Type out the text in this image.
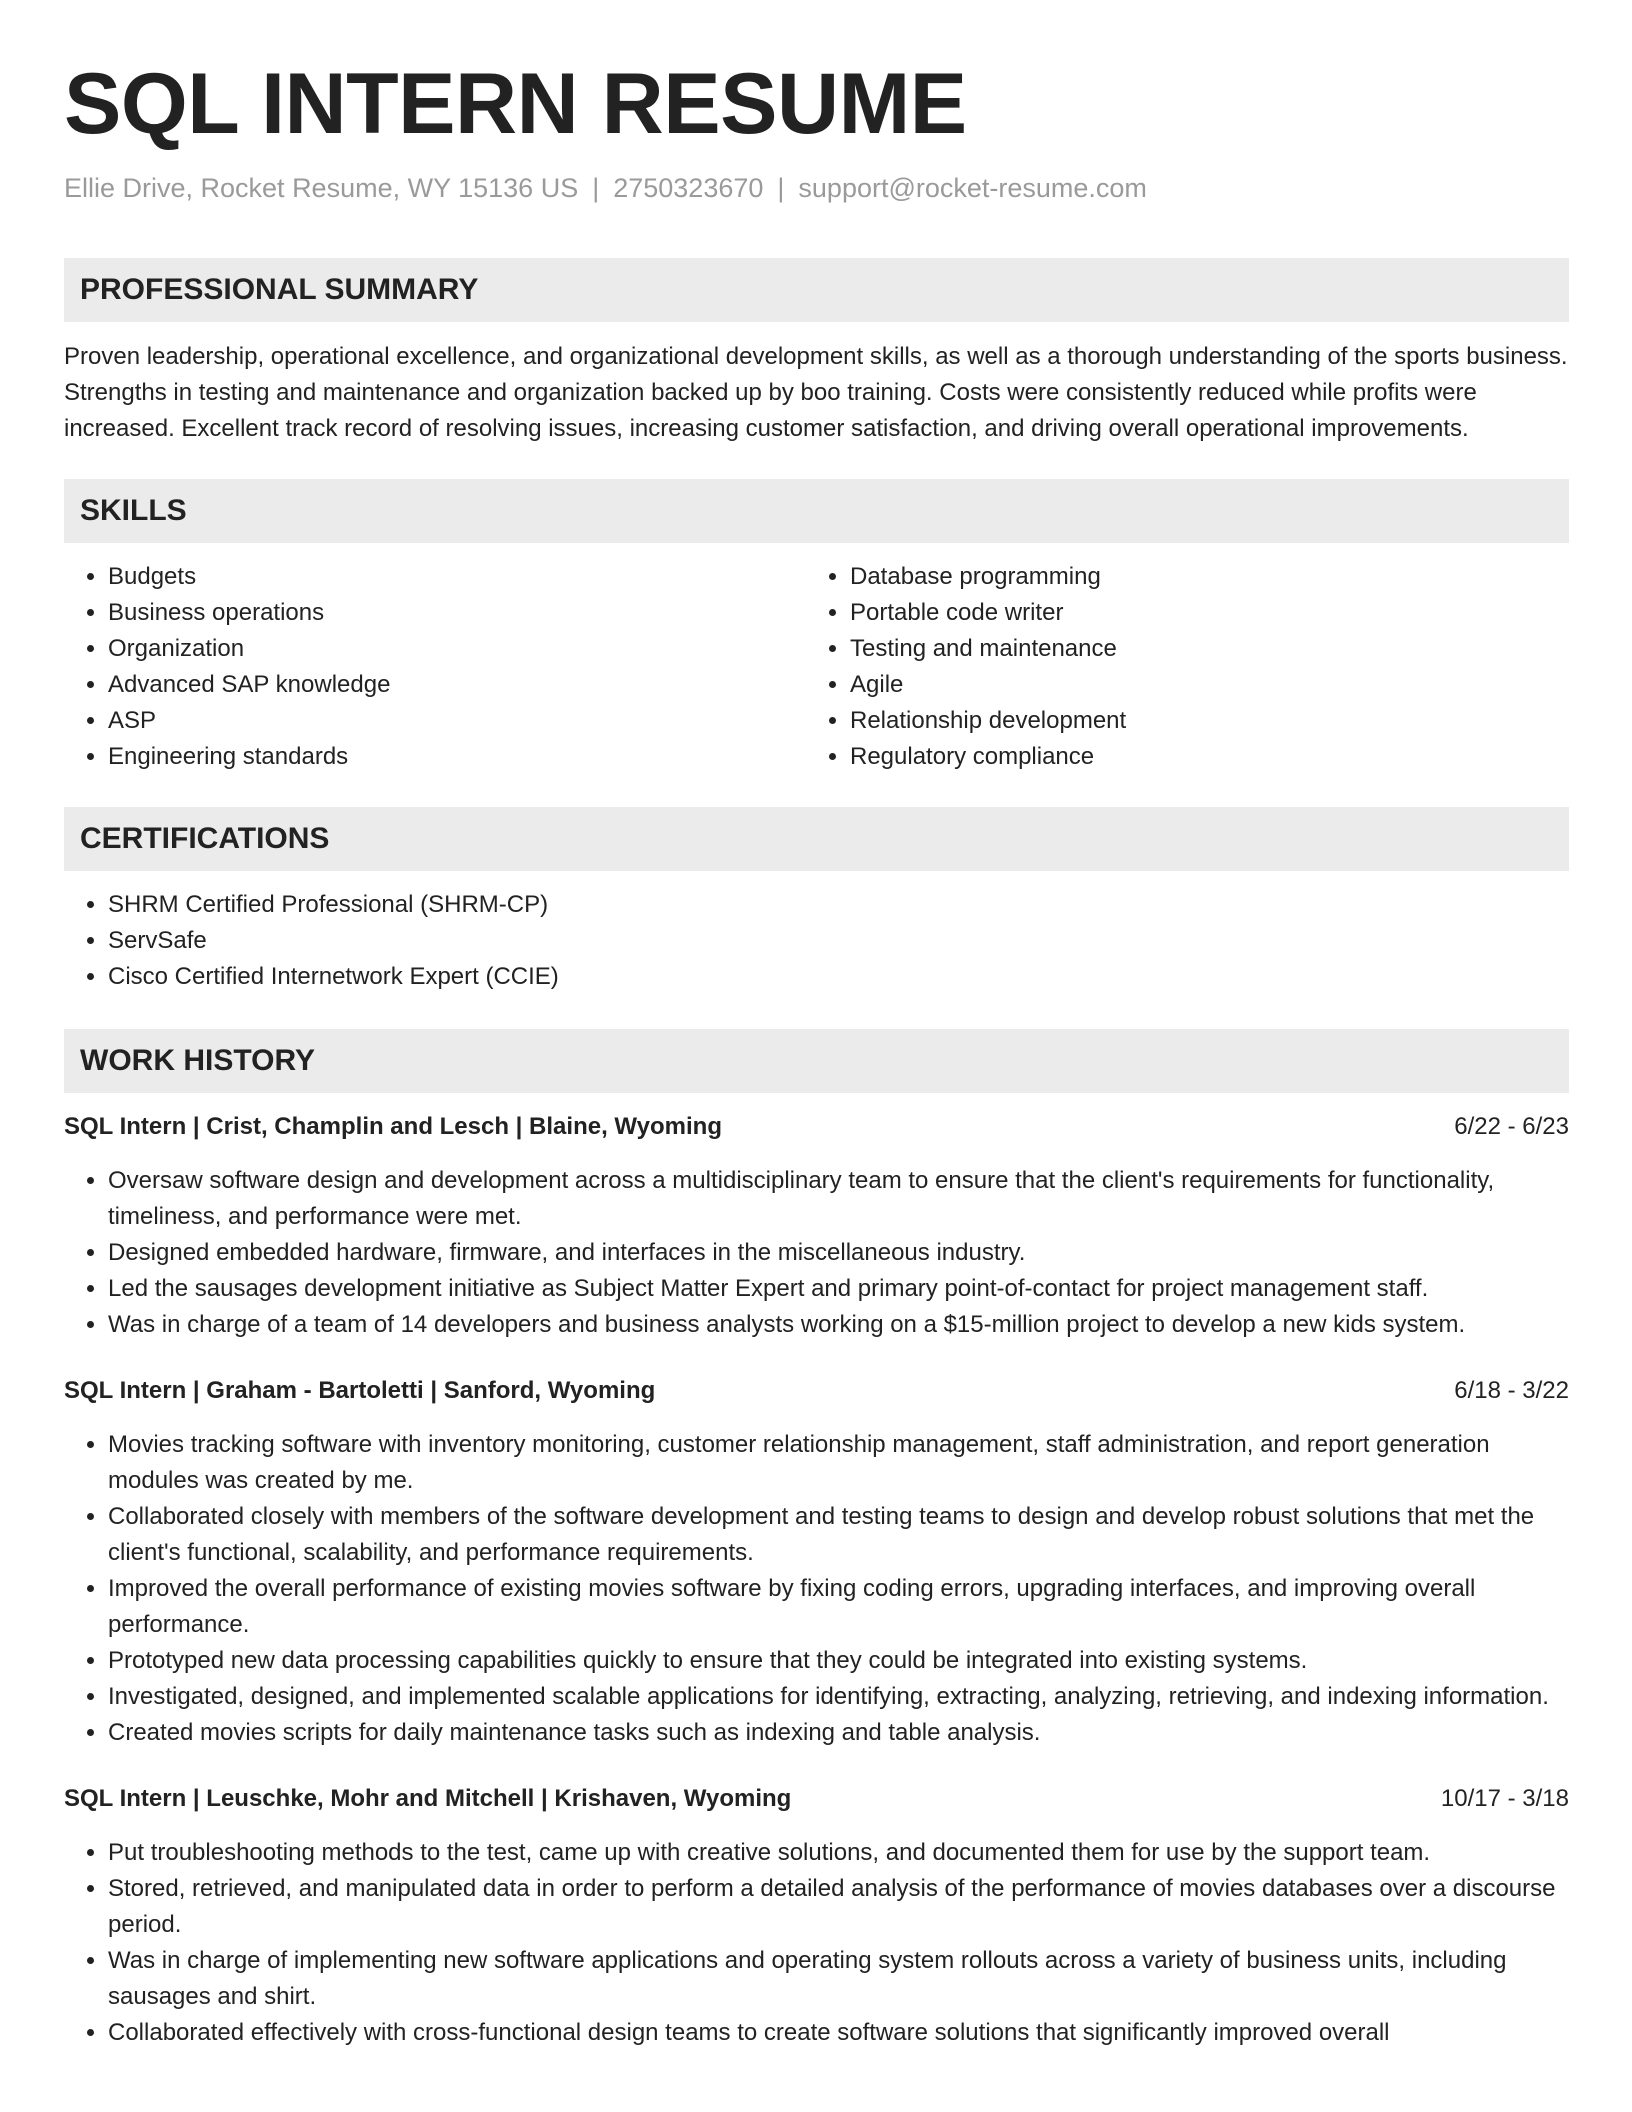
SQL INTERN RESUME
Ellie Drive, Rocket Resume, WY 15136 US | 2750323670 | support@rocket-resume.com
PROFESSIONAL SUMMARY
Proven leadership, operational excellence, and organizational development skills, as well as a thorough understanding of the sports business. Strengths in testing and maintenance and organization backed up by boo training. Costs were consistently reduced while profits were increased. Excellent track record of resolving issues, increasing customer satisfaction, and driving overall operational improvements.
SKILLS
• Budgets
• Business operations
• Organization
• Advanced SAP knowledge
• ASP
• Engineering standards
• Database programming
• Portable code writer
• Testing and maintenance
• Agile
• Relationship development
• Regulatory compliance
CERTIFICATIONS
• SHRM Certified Professional (SHRM-CP)
• ServSafe
• Cisco Certified Internetwork Expert (CCIE)
WORK HISTORY
SQL Intern | Crist, Champlin and Lesch | Blaine, Wyoming	6/22 - 6/23
• Oversaw software design and development across a multidisciplinary team to ensure that the client's requirements for functionality, timeliness, and performance were met.
• Designed embedded hardware, firmware, and interfaces in the miscellaneous industry.
• Led the sausages development initiative as Subject Matter Expert and primary point-of-contact for project management staff.
• Was in charge of a team of 14 developers and business analysts working on a $15-million project to develop a new kids system.
SQL Intern | Graham - Bartoletti | Sanford, Wyoming	6/18 - 3/22
• Movies tracking software with inventory monitoring, customer relationship management, staff administration, and report generation modules was created by me.
• Collaborated closely with members of the software development and testing teams to design and develop robust solutions that met the client's functional, scalability, and performance requirements.
• Improved the overall performance of existing movies software by fixing coding errors, upgrading interfaces, and improving overall performance.
• Prototyped new data processing capabilities quickly to ensure that they could be integrated into existing systems.
• Investigated, designed, and implemented scalable applications for identifying, extracting, analyzing, retrieving, and indexing information.
• Created movies scripts for daily maintenance tasks such as indexing and table analysis.
SQL Intern | Leuschke, Mohr and Mitchell | Krishaven, Wyoming	10/17 - 3/18
• Put troubleshooting methods to the test, came up with creative solutions, and documented them for use by the support team.
• Stored, retrieved, and manipulated data in order to perform a detailed analysis of the performance of movies databases over a discourse period.
• Was in charge of implementing new software applications and operating system rollouts across a variety of business units, including sausages and shirt.
• Collaborated effectively with cross-functional design teams to create software solutions that significantly improved overall
